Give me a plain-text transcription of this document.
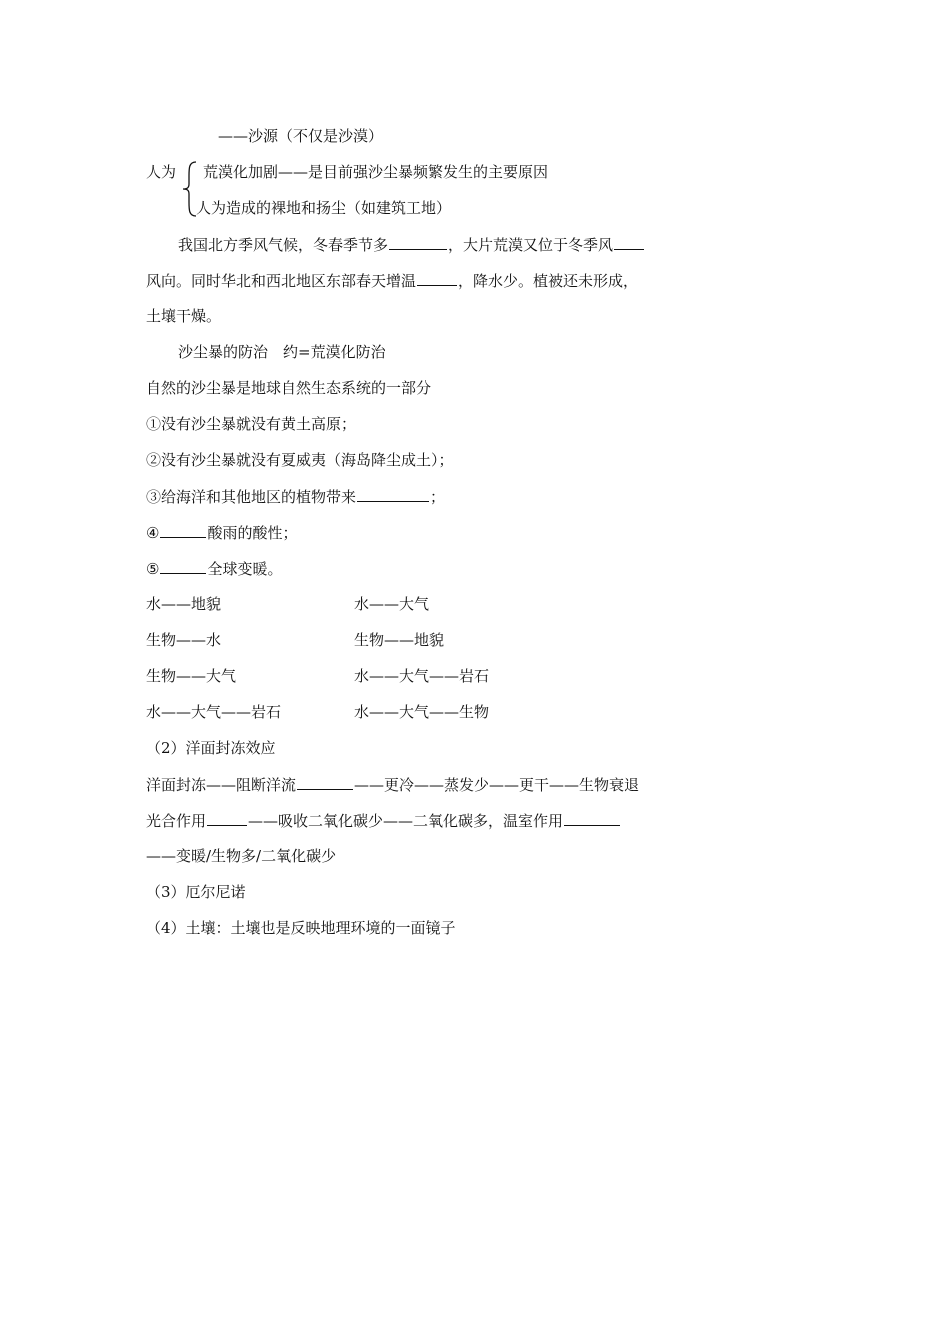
——沙源（不仅是沙漠）
人为 荒漠化加剧——是目前强沙尘暴频繁发生的主要原因
人为造成的裸地和扬尘（如建筑工地）
我国北方季风气候，冬春季节多	，大片荒漠又位于冬季风
风向。同时华北和西北地区东部春天增温	，降水少。植被还未形成，
土壤干燥。
沙尘暴的防治　约=荒漠化防治
自然的沙尘暴是地球自然生态系统的一部分
①没有沙尘暴就没有黄土高原；
②没有沙尘暴就没有夏威夷（海岛降尘成土）；
③给海洋和其他地区的植物带来	；
④	酸雨的酸性；
⑤	全球变暖。
水——地貌	水——大气
生物——水	生物——地貌
生物——大气	水——大气——岩石
水——大气——岩石	水——大气——生物
（2）洋面封冻效应
洋面封冻——阻断洋流	——更冷——蒸发少——更干——生物衰退
光合作用	——吸收二氧化碳少——二氧化碳多，温室作用
——变暖/生物多/二氧化碳少
（3）厄尔尼诺
（4）土壤：土壤也是反映地理环境的一面镜子
